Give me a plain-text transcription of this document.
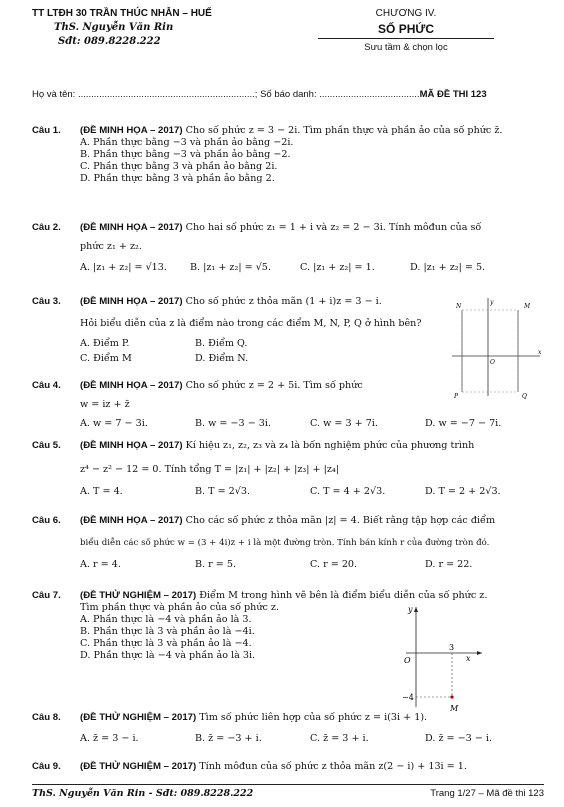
TT LTĐH 30 TRẦN THÚC NHẪN – HUẾ
ThS. Nguyễn Văn Rin
Sđt: 089.8228.222
CHƯƠNG IV.
SỐ PHỨC
Sưu tầm & chọn lọc
Họ và tên: ...................................................................; Số báo danh: ......................................MÃ ĐỀ THI 123
Câu 1. (ĐỀ MINH HỌA – 2017) Cho số phức z = 3 − 2i. Tìm phần thực và phần ảo của số phức z̄.
A. Phần thực bằng −3 và phần ảo bằng −2i.
B. Phần thực bằng −3 và phần ảo bằng −2.
C. Phần thực bằng 3 và phần ảo bằng 2i.
D. Phần thực bằng 3 và phần ảo bằng 2.
Câu 2. (ĐỀ MINH HỌA – 2017) Cho hai số phức z₁ = 1 + i và z₂ = 2 − 3i. Tính môđun của số
phức z₁ + z₂.
A. |z₁ + z₂| = √13.	B. |z₁ + z₂| = √5.	C. |z₁ + z₂| = 1.	D. |z₁ + z₂| = 5.
Câu 3. (ĐỀ MINH HỌA – 2017) Cho số phức z thỏa mãn (1 + i)z = 3 − i.
Hỏi biểu diễn của z là điểm nào trong các điểm M, N, P, Q ở hình bên?
A. Điểm P.	B. Điểm Q.
C. Điểm M	D. Điểm N.
N	M
P	Q
O
x
y
Câu 4. (ĐỀ MINH HỌA – 2017) Cho số phức z = 2 + 5i. Tìm số phức
w = iz + z̄
A. w = 7 − 3i.	B. w = −3 − 3i.	C. w = 3 + 7i.	D. w = −7 − 7i.
Câu 5. (ĐỀ MINH HỌA – 2017) Kí hiệu z₁, z₂, z₃ và z₄ là bốn nghiệm phức của phương trình
z⁴ − z² − 12 = 0. Tính tổng T = |z₁| + |z₂| + |z₃| + |z₄|
A. T = 4.	B. T = 2√3.	C. T = 4 + 2√3.	D. T = 2 + 2√3.
Câu 6. (ĐỀ MINH HỌA – 2017) Cho các số phức z thỏa mãn |z| = 4. Biết rằng tập hợp các điểm
biểu diễn các số phức w = (3 + 4i)z + i là một đường tròn. Tính bán kính r của đường tròn đó.
A. r = 4.	B. r = 5.	C. r = 20.	D. r = 22.
Câu 7. (ĐỀ THỬ NGHIỆM – 2017) Điểm M trong hình vẽ bên là điểm biểu diễn của số phức z.
Tìm phần thực và phần ảo của số phức z.
A. Phần thực là −4 và phần ảo là 3.
B. Phần thực là 3 và phần ảo là −4i.
C. Phần thực là 3 và phần ảo là −4.
D. Phần thực là −4 và phần ảo là 3i.
y
O	x
M
3
−4
Câu 8. (ĐỀ THỬ NGHIỆM – 2017) Tìm số phức liên hợp của số phức z = i(3i + 1).
A. z̄ = 3 − i.	B. z̄ = −3 + i.	C. z̄ = 3 + i.	D. z̄ = −3 − i.
Câu 9. (ĐỀ THỬ NGHIỆM – 2017) Tính môđun của số phức z thỏa mãn z(2 − i) + 13i = 1.
ThS. Nguyễn Văn Rin - Sđt: 089.8228.222	Trang 1/27 – Mã đề thi 123
